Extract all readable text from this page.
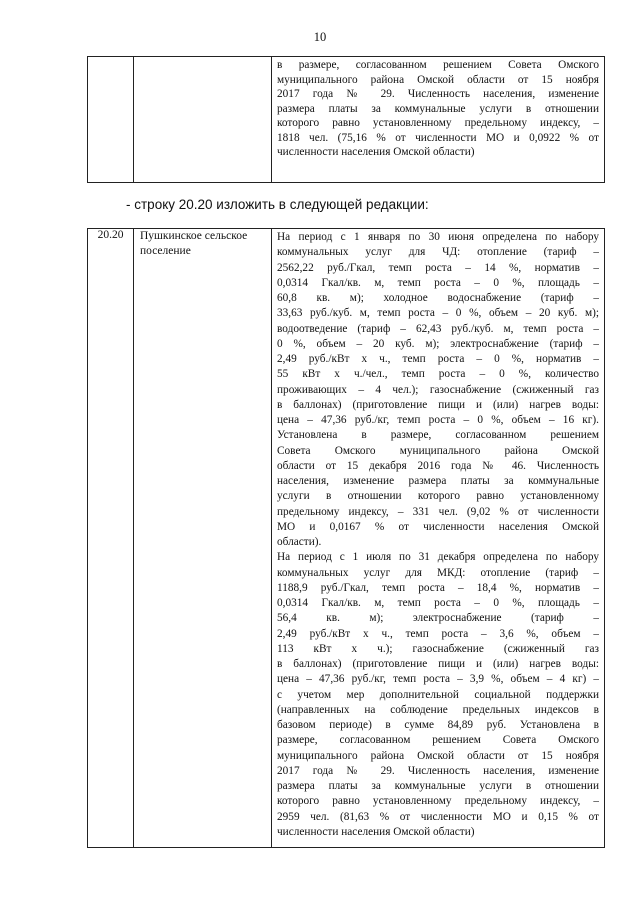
10

в размере, согласованном решением Совета Омского
муниципального района Омской области от 15 ноября
2017 года № 29. Численность населения, изменение
размера платы за коммунальные услуги в отношении
которого равно установленному предельному индексу, –
1818 чел. (75,16 % от численности МО и 0,0922 % от
численности населения Омской области)
- строку 20.20 изложить в следующей редакции:
20.20	Пушкинское сельское поселение

На период с 1 января по 30 июня определена по набору
коммунальных услуг для ЧД: отопление (тариф –
2562,22 руб./Гкал, темп роста – 14 %, норматив –
0,0314 Гкал/кв. м, темп роста – 0 %, площадь –
60,8 кв. м); холодное водоснабжение (тариф –
33,63 руб./куб. м, темп роста – 0 %, объем – 20 куб. м);
водоотведение (тариф – 62,43 руб./куб. м, темп роста –
0 %, объем – 20 куб. м); электроснабжение (тариф –
2,49 руб./кВт х ч., темп роста – 0 %, норматив –
55 кВт х ч./чел., темп роста – 0 %, количество
проживающих – 4 чел.); газоснабжение (сжиженный газ
в баллонах) (приготовление пищи и (или) нагрев воды:
цена – 47,36 руб./кг, темп роста – 0 %, объем – 16 кг).
Установлена в размере, согласованном решением
Совета Омского муниципального района Омской
области от 15 декабря 2016 года № 46. Численность
населения, изменение размера платы за коммунальные
услуги в отношении которого равно установленному
предельному индексу, – 331 чел. (9,02 % от численности
МО и 0,0167 % от численности населения Омской
области).
На период с 1 июля по 31 декабря определена по набору
коммунальных услуг для МКД: отопление (тариф –
1188,9 руб./Гкал, темп роста – 18,4 %, норматив –
0,0314 Гкал/кв. м, темп роста – 0 %, площадь –
56,4 кв. м); электроснабжение (тариф –
2,49 руб./кВт х ч., темп роста – 3,6 %, объем –
113 кВт х ч.); газоснабжение (сжиженный газ
в баллонах) (приготовление пищи и (или) нагрев воды:
цена – 47,36 руб./кг, темп роста – 3,9 %, объем – 4 кг) –
с учетом мер дополнительной социальной поддержки
(направленных на соблюдение предельных индексов в
базовом периоде) в сумме 84,89 руб. Установлена в
размере, согласованном решением Совета Омского
муниципального района Омской области от 15 ноября
2017 года № 29. Численность населения, изменение
размера платы за коммунальные услуги в отношении
которого равно установленному предельному индексу, –
2959 чел. (81,63 % от численности МО и 0,15 % от
численности населения Омской области)
